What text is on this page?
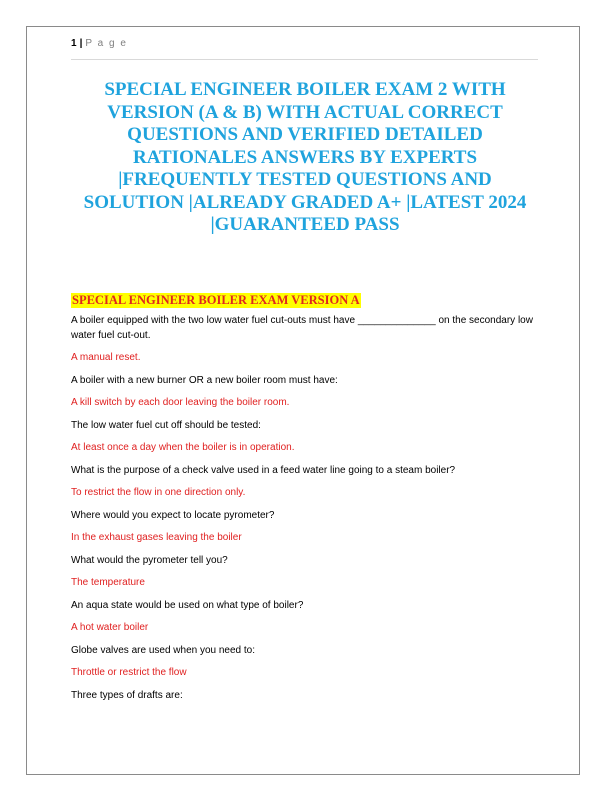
1 | P a g e
SPECIAL ENGINEER BOILER EXAM 2 WITH VERSION (A & B) WITH ACTUAL CORRECT QUESTIONS AND VERIFIED DETAILED RATIONALES ANSWERS BY EXPERTS |FREQUENTLY TESTED QUESTIONS AND SOLUTION |ALREADY GRADED A+ |LATEST 2024 |GUARANTEED PASS
SPECIAL ENGINEER BOILER EXAM VERSION A
A boiler equipped with the two low water fuel cut-outs must have ______________ on the secondary low water fuel cut-out.
A manual reset.
A boiler with a new burner OR a new boiler room must have:
A kill switch by each door leaving the boiler room.
The low water fuel cut off should be tested:
At least once a day when the boiler is in operation.
What is the purpose of a check valve used in a feed water line going to a steam boiler?
To restrict the flow in one direction only.
Where would you expect to locate pyrometer?
In the exhaust gases leaving the boiler
What would the pyrometer tell you?
The temperature
An aqua state would be used on what type of boiler?
A hot water boiler
Globe valves are used when you need to:
Throttle or restrict the flow
Three types of drafts are:
